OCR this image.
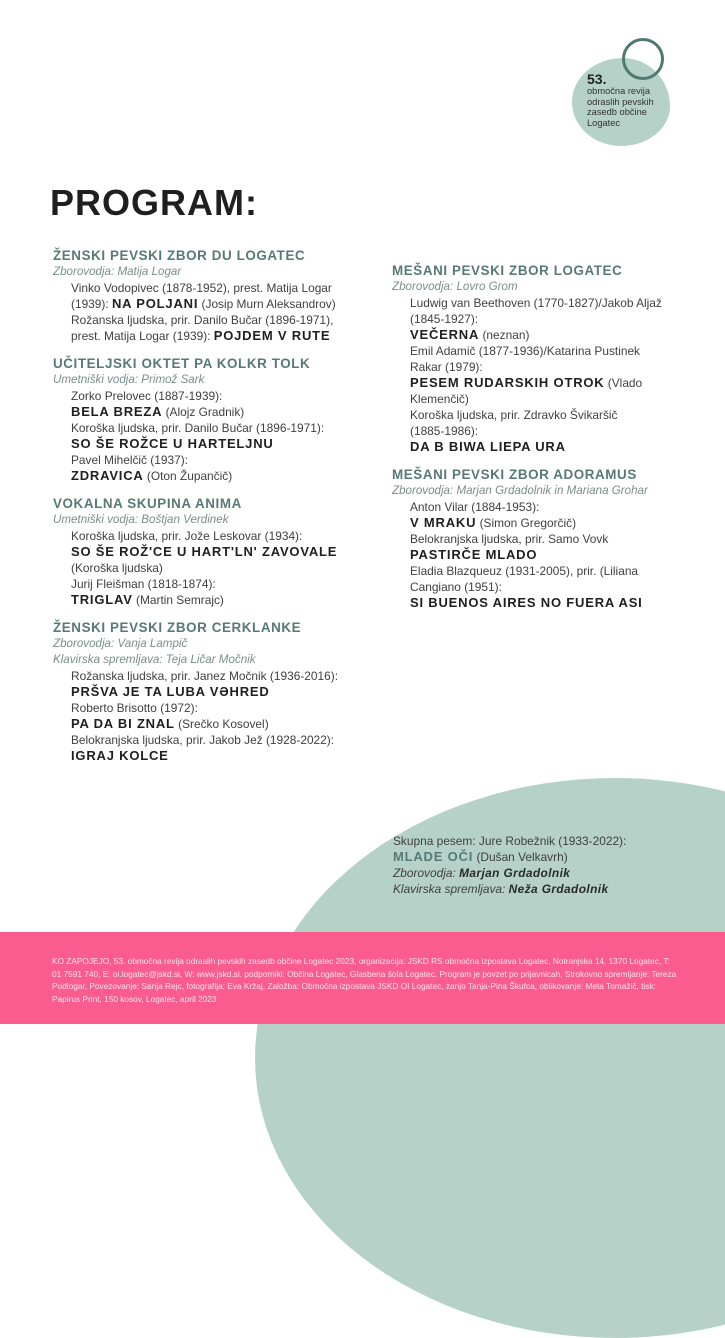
53.
območna revija
odraslih pevskih
zasedb občine
Logatec
PROGRAM:
ŽENSKI PEVSKI ZBOR DU LOGATEC
Zborovodja: Matija Logar
Vinko Vodopivec (1878-1952), prest. Matija Logar
(1939): NA POLJANI (Josip Murn Aleksandrov)
Rožanska ljudska, prir. Danilo Bučar (1896-1971),
prest. Matija Logar (1939): POJDEM V RUTE
UČITELJSKI OKTET PA KOLKR TOLK
Umetniški vodja: Primož Sark
Zorko Prelovec (1887-1939):
BELA BREZA (Alojz Gradnik)
Koroška ljudska, prir. Danilo Bučar (1896-1971):
SO ŠE ROŽCE U HARTELJNU
Pavel Mihelčič (1937):
ZDRAVICA (Oton Župančič)
VOKALNA SKUPINA ANIMA
Umetniški vodja: Boštjan Verdinek
Koroška ljudska, prir. Jože Leskovar (1934):
SO ŠE ROŽ'CE U HART'LN' ZAVOVALE
(Koroška ljudska)
Jurij Fleišman (1818-1874):
TRIGLAV (Martin Semrajc)
ŽENSKI PEVSKI ZBOR CERKLANKE
Zborovodja: Vanja Lampič
Klavirska spremljava: Teja Ličar Močnik
Rožanska ljudska, prir. Janez Močnik (1936-2016):
PRŠVA JE TA LUBA VƏHRED
Roberto Brisotto (1972):
PA DA BI ZNAL (Srečko Kosovel)
Belokranjska ljudska, prir. Jakob Jež (1928-2022):
IGRAJ KOLCE
MEŠANI PEVSKI ZBOR LOGATEC
Zborovodja: Lovro Grom
Ludwig van Beethoven (1770-1827)/Jakob Aljaž
(1845-1927):
VEČERNA (neznan)
Emil Adamič (1877-1936)/Katarina Pustinek
Rakar (1979):
PESEM RUDARSKIH OTROK (Vlado
Klemenčič)
Koroška ljudska, prir. Zdravko Švikaršič
(1885-1986):
DA B BIWA LIEPA URA
MEŠANI PEVSKI ZBOR ADORAMUS
Zborovodja: Marjan Grdadolnik in Mariana Grohar
Anton Vilar (1884-1953):
V MRAKU (Simon Gregorčič)
Belokranjska ljudska, prir. Samo Vovk
PASTIRČE MLADO
Eladia Blazqueuz (1931-2005), prir. (Liliana
Cangiano (1951):
SI BUENOS AIRES NO FUERA ASI
Skupna pesem: Jure Robežnik (1933-2022):
MLADE OČI (Dušan Velkavrh)
Zborovodja: Marjan Grdadolnik
Klavirska spremljava: Neža Grdadolnik
KO ZAPOJEJO, 53. območna revija odraslih pevskih zasedb občine Logatec 2023, organizacija: JSKD RS območna izpostava Logatec, Notranjska 14, 1370 Logatec, T: 01 7591 740, E: oi.logatec@jskd.si, W: www.jskd.si. podporniki: Občina Logatec, Glasbena šola Logatec. Program je povzet po prijavnicah, Strokovno spremljanje: Tereza Podlogar, Povezovanje: Sanja Rejc, fotografija: Eva Kržaj, Založba: Območna izpostava JSKD OI Logatec, zanjo Tanja-Pina Škufca, oblikovanje: Meta Tomažič, tisk: Papirus Print, 150 kosov, Logatec, april 2023
